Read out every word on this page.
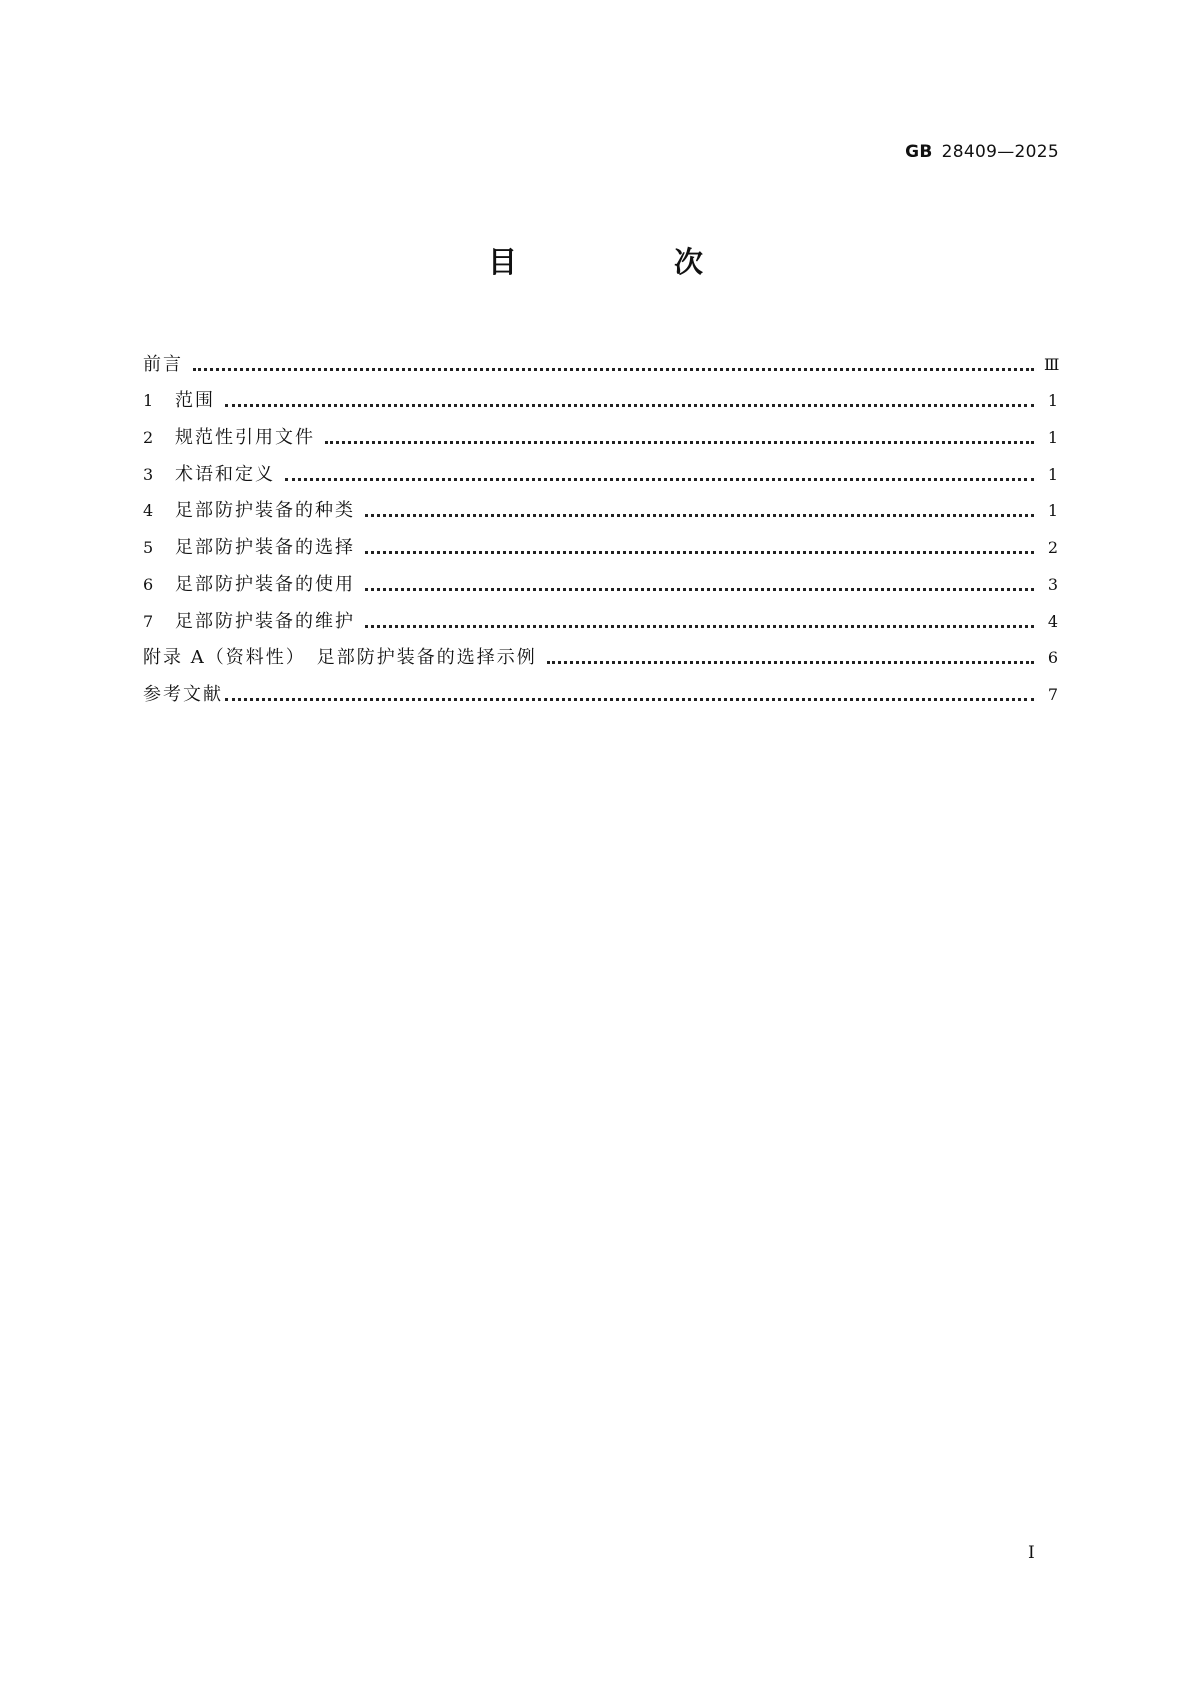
GB 28409—2025
目　次
前言	Ⅲ
1	范围	1
2	规范性引用文件	1
3	术语和定义	1
4	足部防护装备的种类	1
5	足部防护装备的选择	2
6	足部防护装备的使用	3
7	足部防护装备的维护	4
附录 A（资料性）　足部防护装备的选择示例	6
参考文献	7
Ⅰ
